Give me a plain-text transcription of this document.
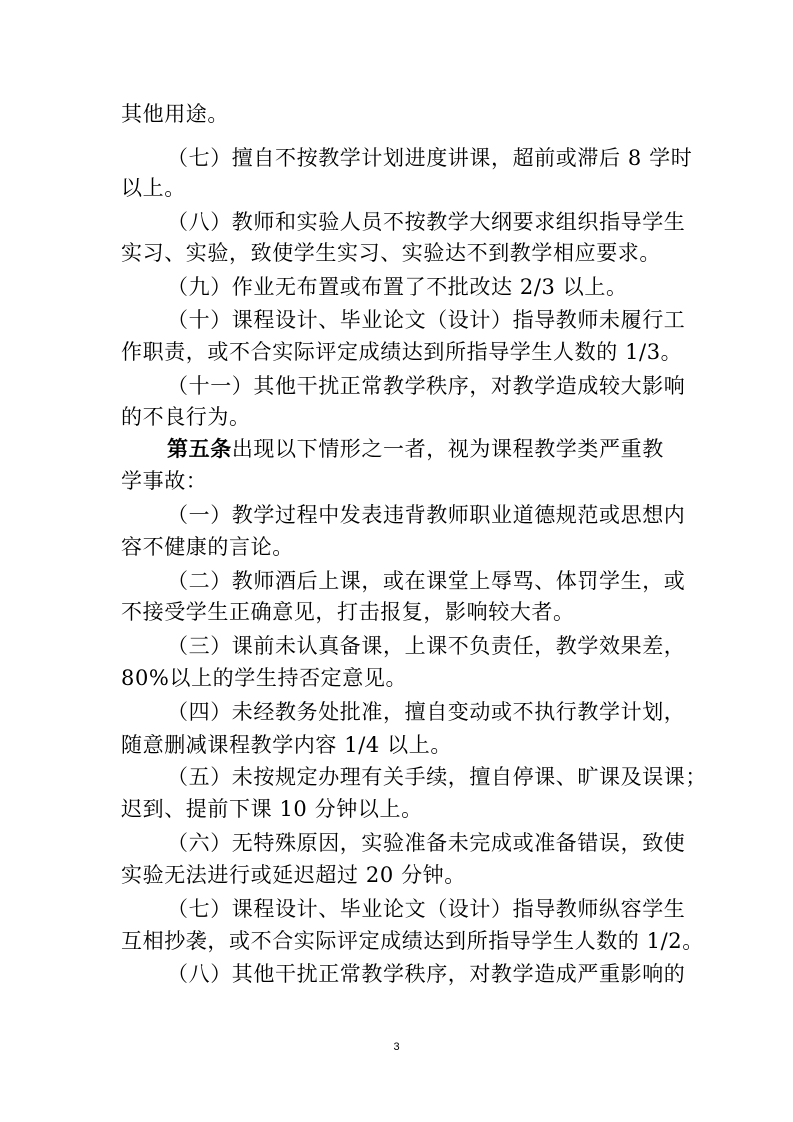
其他用途。
（七）擅自不按教学计划进度讲课，超前或滞后 8 学时
以上。
（八）教师和实验人员不按教学大纲要求组织指导学生
实习、实验，致使学生实习、实验达不到教学相应要求。
（九）作业无布置或布置了不批改达 2/3 以上。
（十）课程设计、毕业论文（设计）指导教师未履行工
作职责，或不合实际评定成绩达到所指导学生人数的 1/3。
（十一）其他干扰正常教学秩序，对教学造成较大影响
的不良行为。
第五条出现以下情形之一者，视为课程教学类严重教
学事故：
（一）教学过程中发表违背教师职业道德规范或思想内
容不健康的言论。
（二）教师酒后上课，或在课堂上辱骂、体罚学生，或
不接受学生正确意见，打击报复，影响较大者。
（三）课前未认真备课，上课不负责任，教学效果差，
80%以上的学生持否定意见。
（四）未经教务处批准，擅自变动或不执行教学计划，
随意删减课程教学内容 1/4 以上。
（五）未按规定办理有关手续，擅自停课、旷课及误课；
迟到、提前下课 10 分钟以上。
（六）无特殊原因，实验准备未完成或准备错误，致使
实验无法进行或延迟超过 20 分钟。
（七）课程设计、毕业论文（设计）指导教师纵容学生
互相抄袭，或不合实际评定成绩达到所指导学生人数的 1/2。
（八）其他干扰正常教学秩序，对教学造成严重影响的
3
